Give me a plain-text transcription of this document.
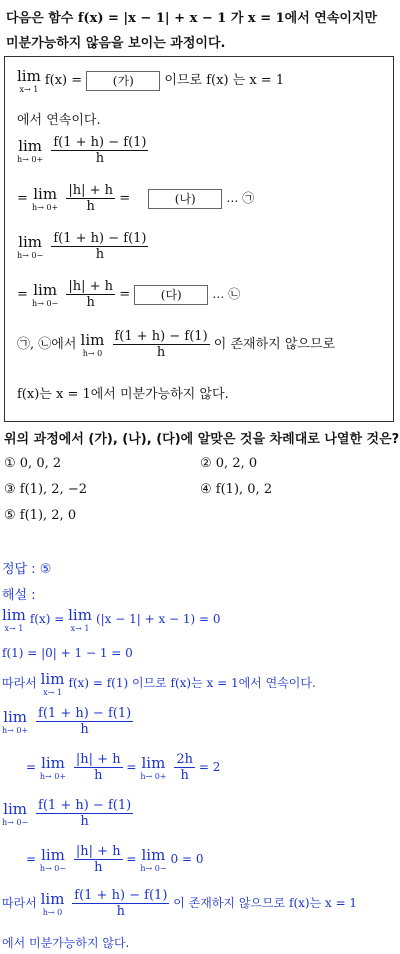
다음은 함수 f(x) = |x − 1| + x − 1 가 x = 1에서 연속이지만
미분가능하지 않음을 보이는 과정이다.
lim
x→ 1
f(x) =	(가) 이므로 f(x) 는 x = 1
에서 연속이다.
lim
h→ 0+
$\frac{f(1 + h) - f(1)}{h}$
= lim
h→ 0+
$\frac{|h| + h}{h}$ =	(나)	… ㉠
lim
h→ 0−
$\frac{f(1 + h) - f(1)}{h}$
= lim
h→ 0−
$\frac{|h| + h}{h}$ =	(다)	… ㉡
㉠, ㉡에서 lim
h→ 0
$\frac{f(1 + h) - f(1)}{h}$ 이 존재하지 않으므로
f(x)는 x = 1에서 미분가능하지 않다.
위의 과정에서 (가), (나), (다)에 알맞은 것을 차례대로 나열한 것은?
① 0, 0, 2	② 0, 2, 0
③ f(1), 2, −2	④ f(1), 0, 2
⑤ f(1), 2, 0
정답 : ⑤
해설 :
lim
x→ 1
f(x) = lim
x→ 1
(|x − 1| + x − 1) = 0
f(1) = |0| + 1 − 1 = 0
따라서 lim
x→ 1
f(x) = f(1) 이므로 f(x)는 x = 1에서 연속이다.
lim
h→ 0+
$\frac{f(1 + h) - f(1)}{h}$
= lim
h→ 0+
$\frac{|h| + h}{h} = \lim$
h→ 0+
$\frac{2h}{h} = 2$
lim
h→ 0−
$\frac{f(1 + h) - f(1)}{h}$
= lim
h→ 0−
$\frac{|h| + h}{h} = \lim$
h→ 0−
0 = 0
따라서 lim
h→ 0
$\frac{f(1 + h) - f(1)}{h}$ 이 존재하지 않으므로 f(x)는 x = 1
에서 미분가능하지 않다.
